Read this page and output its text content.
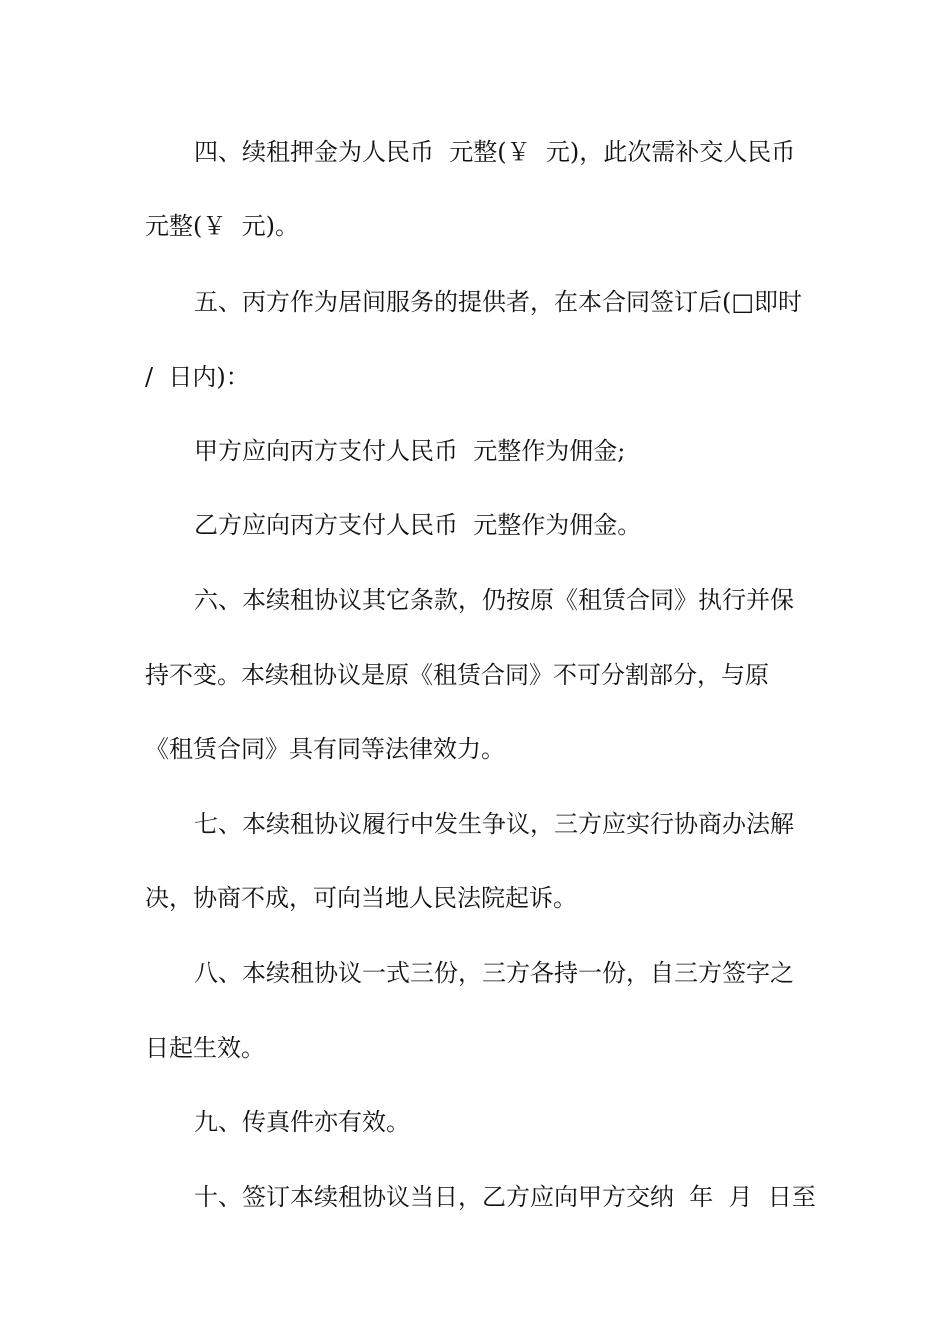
四、续租押金为人民币  元整(￥  元)，此次需补交人民币
元整(￥  元)。
五、丙方作为居间服务的提供者，在本合同签订后(□即时
/  日内)：
甲方应向丙方支付人民币  元整作为佣金;
乙方应向丙方支付人民币  元整作为佣金。
六、本续租协议其它条款，仍按原《租赁合同》执行并保
持不变。本续租协议是原《租赁合同》不可分割部分，与原
《租赁合同》具有同等法律效力。
七、本续租协议履行中发生争议，三方应实行协商办法解
决，协商不成，可向当地人民法院起诉。
八、本续租协议一式三份，三方各持一份，自三方签字之
日起生效。
九、传真件亦有效。
十、签订本续租协议当日，乙方应向甲方交纳  年  月  日至
